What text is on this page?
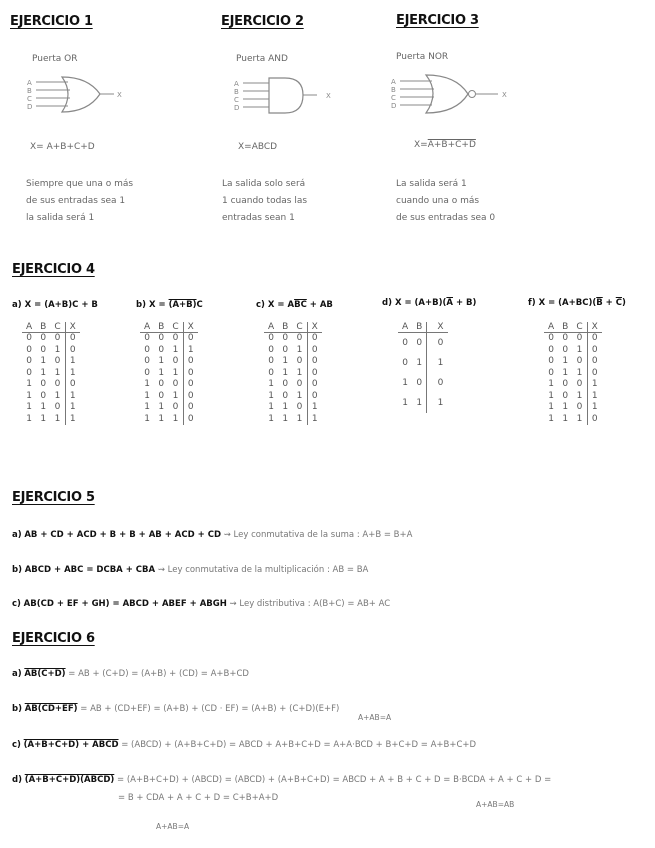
EJERCICIO 1
Puerta OR
A
B
C
D
X
X= A+B+C+D
Siempre que una o más
de sus entradas sea 1
la salida será 1
EJERCICIO 2
Puerta AND
A
B
C
D
X
X=ABCD
La salida solo será
1 cuando todas las
entradas sean 1
EJERCICIO 3
Puerta NOR
A
B
C
D
X
X=A+B+C+D
La salida será 1
cuando una o más
de sus entradas sea 0
EJERCICIO 4
a) X = (A+B)C + B
A	B	C	X
0	0	0	0
0	0	1	0
0	1	0	1
0	1	1	1
1	0	0	0
1	0	1	1
1	1	0	1
1	1	1	1
b) X = (A+B)C
A	B	C	X
0	0	0	0
0	0	1	1
0	1	0	0
0	1	1	0
1	0	0	0
1	0	1	0
1	1	0	0
1	1	1	0
c) $X = A\overline{BC}$ + AB
A	B	C	X
0	0	0	0
0	0	1	0
0	1	0	0
0	1	1	0
1	0	0	0
1	0	1	0
1	1	0	1
1	1	1	1
d) $X = (A+B)(\overline{A} + B)$
A	B	X
0	0	0
0	1	1
1	0	0
1	1	1
f) $X = (A+BC)(\overline{B} + \overline{C})$
A	B	C	X
0	0	0	0
0	0	1	0
0	1	0	0
0	1	1	0
1	0	0	1
1	0	1	1
1	1	0	1
1	1	1	0
EJERCICIO 5
a) AB + CD + ACD + B + B + AB + ACD + CD ⇝ Ley conmutativa de la suma : A+B = B+A
b) ABCD + ABC = DCBA + CBA ⇝ Ley conmutativa de la multiplicación : AB = BA
c) AB(CD + EF + GH) = ABCD + ABEF + ABGH ⇝ Ley distributiva : A(B+C) = AB+ AC
EJERCICIO 6
a) AB(C+D) = AB + (C+D) = (A+B) + (CD) = A+B+CD
b) AB(CD+EF) = AB + (CD+EF) = (A+B) + (CD · EF) = (A+B) + (C+D)(E+F)
A+AB=A
c) (A+B+C+D) + ABCD = (ABCD) + (A+B+C+D) = ABCD + A+B+C+D = A+A·BCD + B+C+D = A+B+C+D
d) (A+B+C+D)(ABCD) = (A+B+C+D) + (ABCD) = (ABCD) + (A+B+C+D) = ABCD + A + B + C + D = B·BCDA + A + C + D =
= B + CDA + A + C + D = C+B+A+D
A+AB=AB
A+AB=A
